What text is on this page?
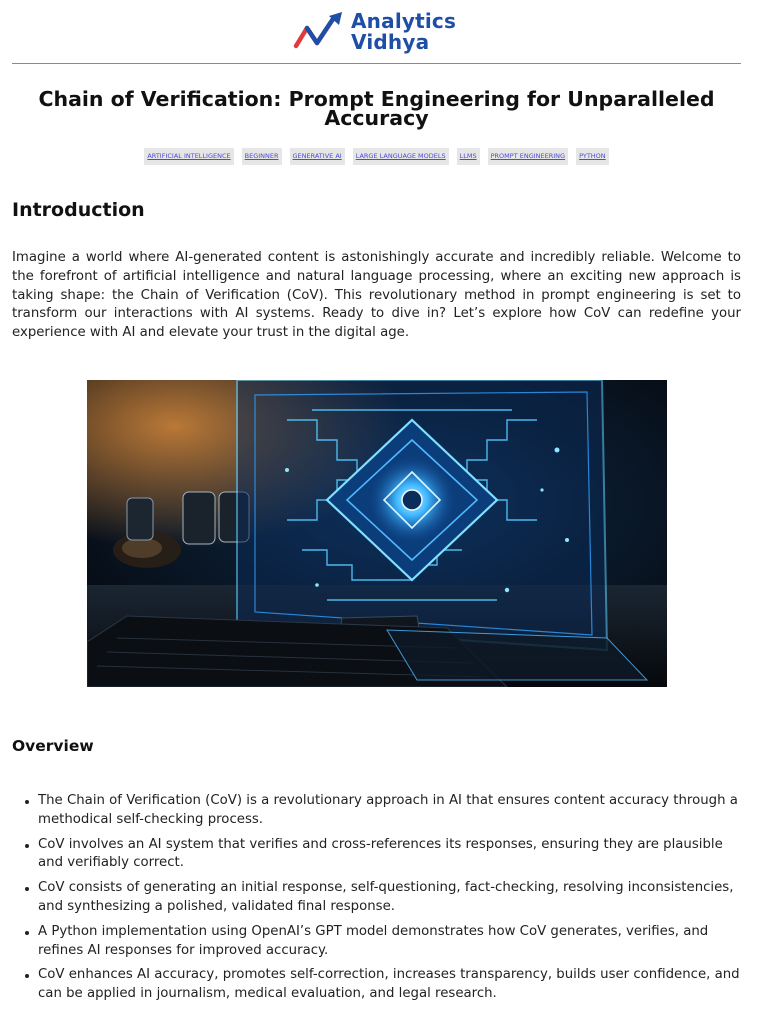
Analytics
Vidhya
Chain of Verification: Prompt Engineering for Unparalleled Accuracy
ARTIFICIAL INTELLIGENCE BEGINNER GENERATIVE AI LARGE LANGUAGE MODELS LLMS PROMPT ENGINEERING PYTHON
Introduction

Imagine a world where AI-generated content is astonishingly accurate and incredibly reliable. Welcome to the forefront of artificial intelligence and natural language processing, where an exciting new approach is taking shape: the Chain of Verification (CoV). This revolutionary method in prompt engineering is set to transform our interactions with AI systems. Ready to dive in? Let’s explore how CoV can redefine your experience with AI and elevate your trust in the digital age.

Overview
The Chain of Verification (CoV) is a revolutionary approach in AI that ensures content accuracy through a methodical self-checking process.
CoV involves an AI system that verifies and cross-references its responses, ensuring they are plausible and verifiably correct.
CoV consists of generating an initial response, self-questioning, fact-checking, resolving inconsistencies, and synthesizing a polished, validated final response.
A Python implementation using OpenAI’s GPT model demonstrates how CoV generates, verifies, and refines AI responses for improved accuracy.
CoV enhances AI accuracy, promotes self-correction, increases transparency, builds user confidence, and can be applied in journalism, medical evaluation, and legal research.
